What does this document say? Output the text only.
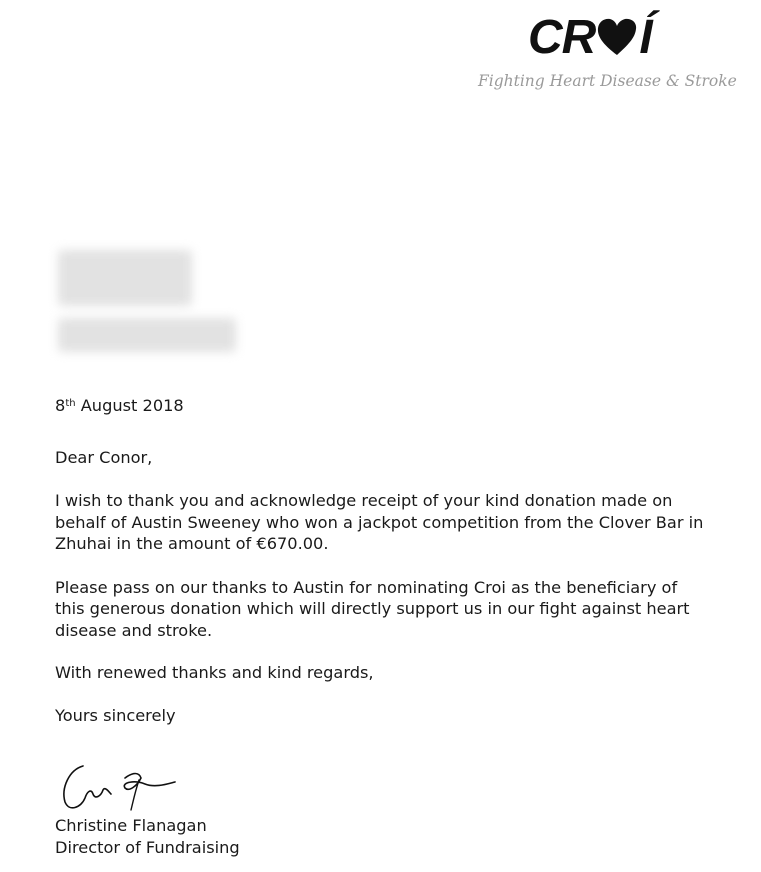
CR Í
Fighting Heart Disease & Stroke

8th August 2018

Dear Conor,

I wish to thank you and acknowledge receipt of your kind donation made on behalf of Austin Sweeney who won a jackpot competition from the Clover Bar in Zhuhai in the amount of €670.00.

Please pass on our thanks to Austin for nominating Croi as the beneficiary of this generous donation which will directly support us in our fight against heart disease and stroke.

With renewed thanks and kind regards,

Yours sincerely

Christine Flanagan
Director of Fundraising
